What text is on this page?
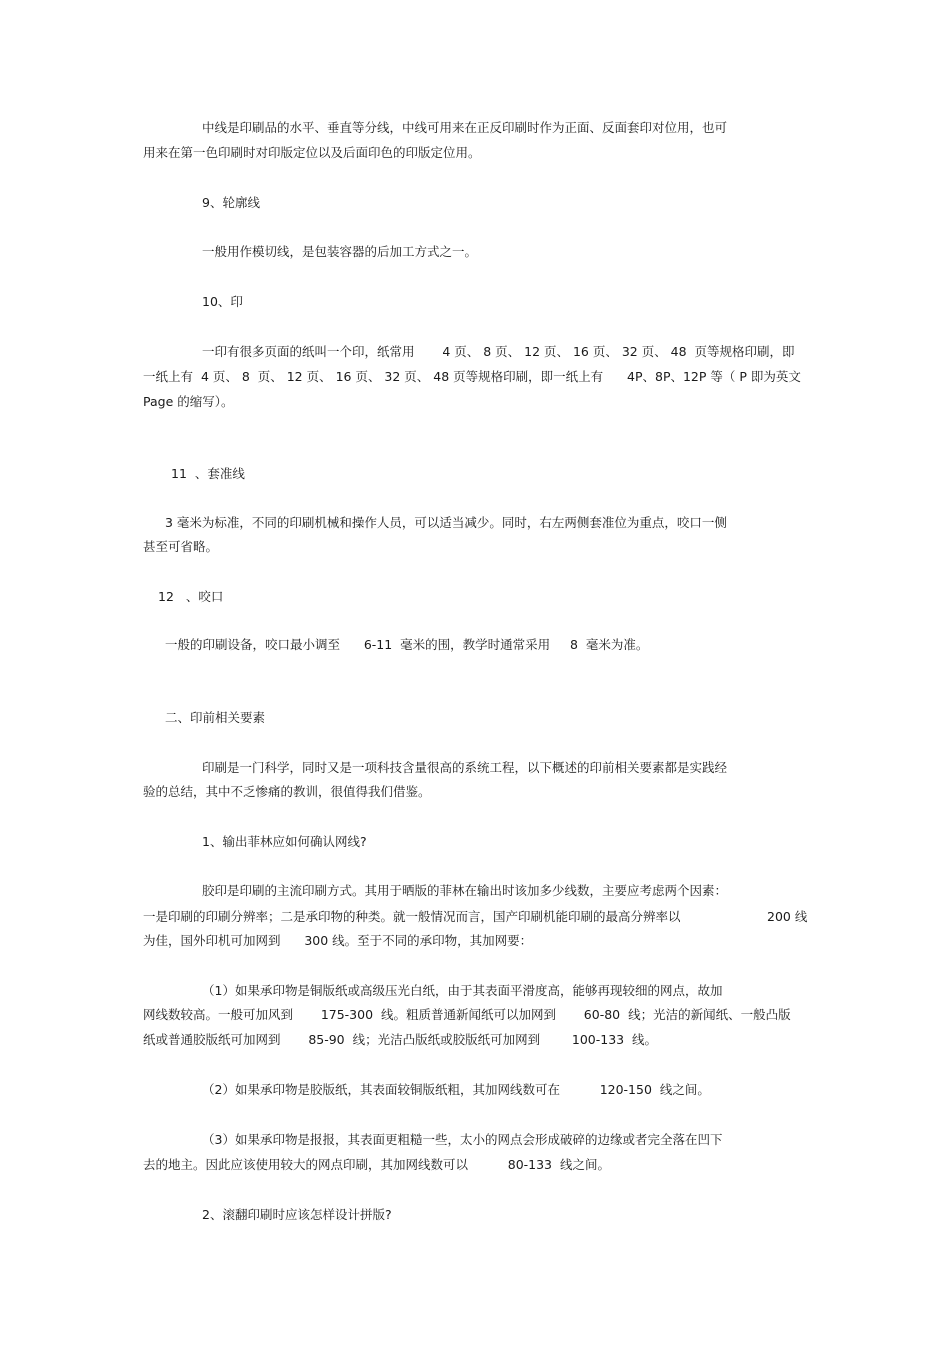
中线是印刷品的水平、垂直等分线，中线可用来在正反印刷时作为正面、反面套印对位用，也可

用来在第一色印刷时对印版定位以及后面印色的印版定位用。

9、轮廓线

一般用作模切线，是包装容器的后加工方式之一。

10、印

一印有很多页面的纸叫一个印，纸常用       4 页、 8 页、 12 页、 16 页、 32 页、 48  页等规格印刷，即

一纸上有  4 页、 8  页、 12 页、 16 页、 32 页、 48 页等规格印刷，即一纸上有      4P、8P、12P 等（ P 即为英文

Page 的缩写）。

11  、套准线

3 毫米为标准，不同的印刷机械和操作人员，可以适当减少。同时，右左两侧套准位为重点，咬口一侧

甚至可省略。

12   、咬口

一般的印刷设备，咬口最小调至      6-11  毫米的围，教学时通常采用     8  毫米为准。

二、印前相关要素

印刷是一门科学，同时又是一项科技含量很高的系统工程，以下概述的印前相关要素都是实践经

验的总结，其中不乏惨痛的教训，很值得我们借鉴。

1、输出菲林应如何确认网线?

胶印是印刷的主流印刷方式。其用于晒版的菲林在输出时该加多少线数，主要应考虑两个因素：

一是印刷的印刷分辨率；二是承印物的种类。就一般情况而言，国产印刷机能印刷的最高分辨率以	200 线

为佳，国外印机可加网到      300 线。至于不同的承印物，其加网要：

（1）如果承印物是铜版纸或高级压光白纸，由于其表面平滑度高，能够再现较细的网点，故加

网线数较高。一般可加风到       175-300  线。粗质普通新闻纸可以加网到       60-80  线；光洁的新闻纸、一般凸版

纸或普通胶版纸可加网到       85-90  线；光洁凸版纸或胶版纸可加网到        100-133  线。

（2）如果承印物是胶版纸，其表面较铜版纸粗，其加网线数可在          120-150  线之间。

（3）如果承印物是报报，其表面更粗糙一些，太小的网点会形成破碎的边缘或者完全落在凹下

去的地主。因此应该使用较大的网点印刷，其加网线数可以          80-133  线之间。

2、滚翻印刷时应该怎样设计拼版?
